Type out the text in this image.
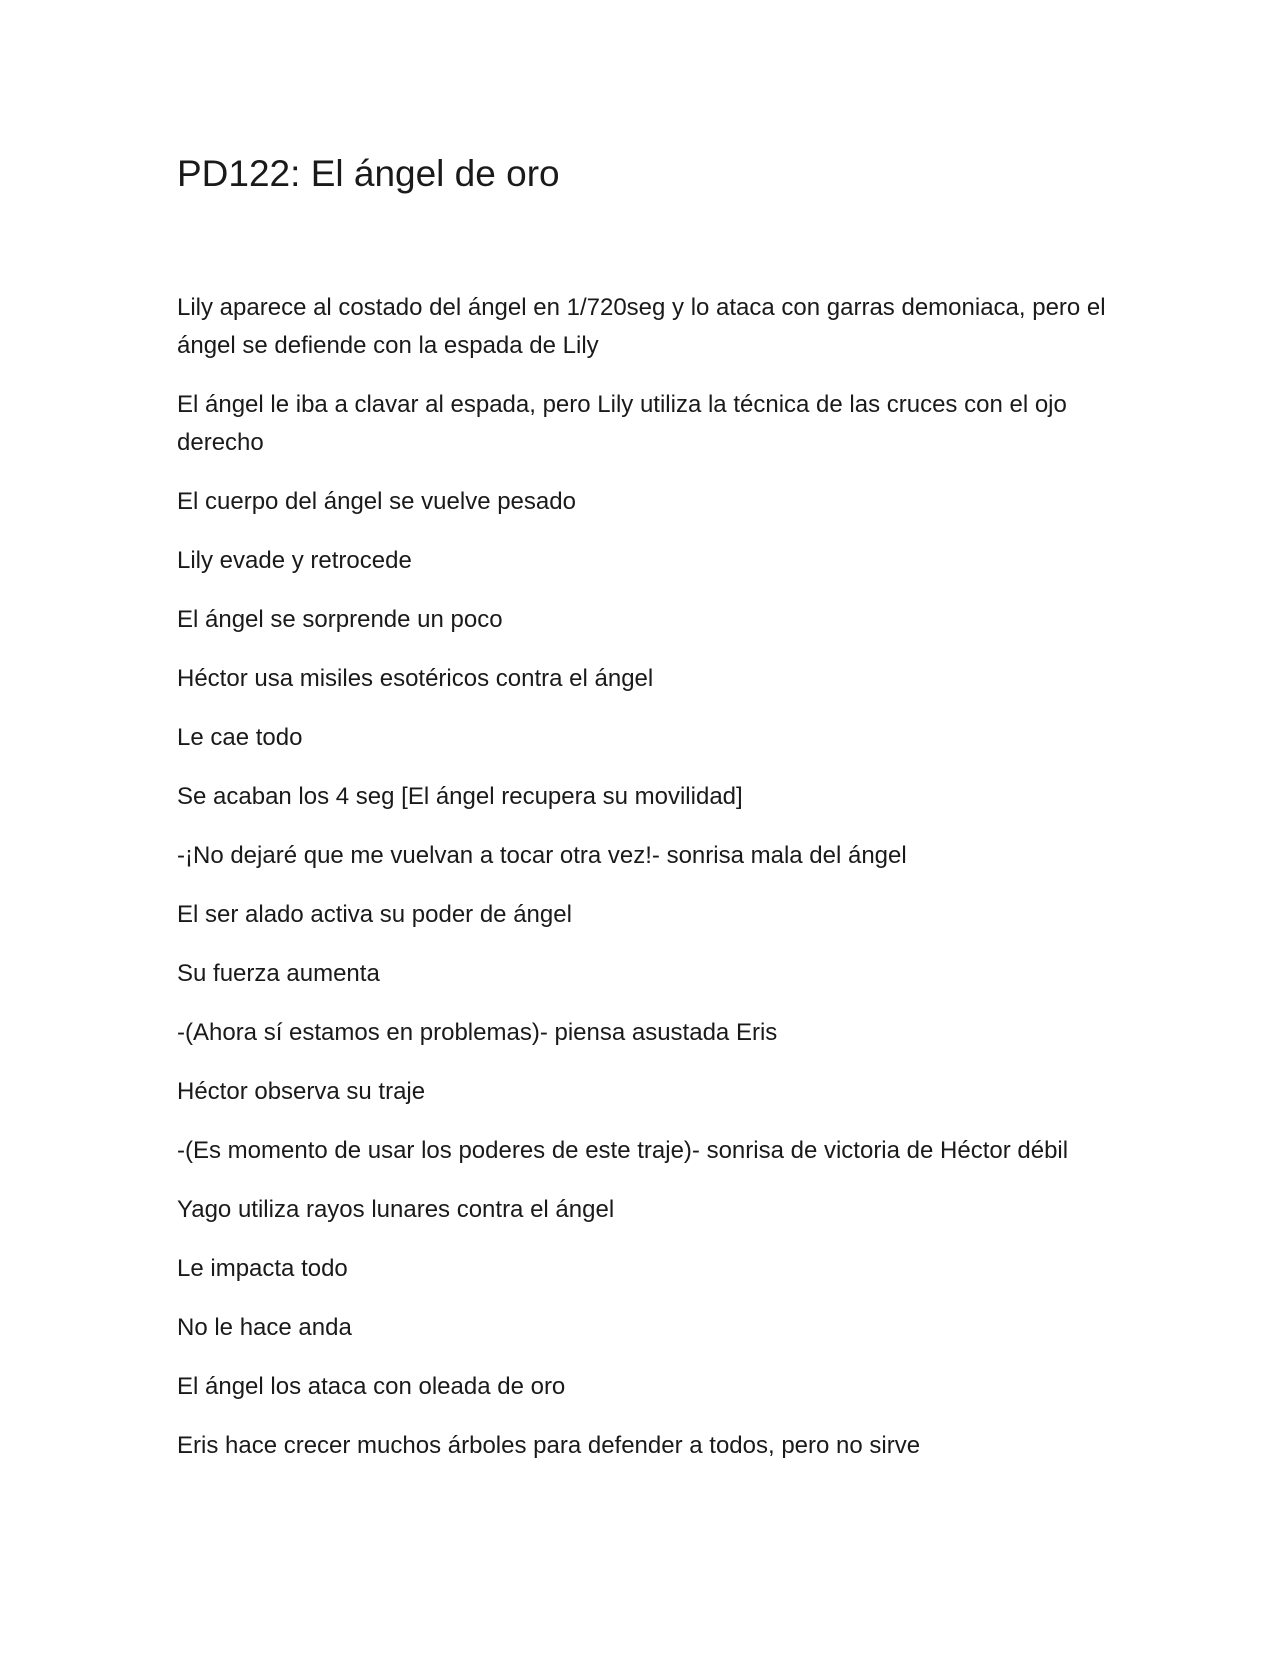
PD122: El ángel de oro

Lily aparece al costado del ángel en 1/720seg y lo ataca con garras demoniaca, pero el ángel se defiende con la espada de Lily

El ángel le iba a clavar al espada, pero Lily utiliza la técnica de las cruces con el ojo derecho

El cuerpo del ángel se vuelve pesado

Lily evade y retrocede

El ángel se sorprende un poco

Héctor usa misiles esotéricos contra el ángel

Le cae todo

Se acaban los 4 seg [El ángel recupera su movilidad]

-¡No dejaré que me vuelvan a tocar otra vez!- sonrisa mala del ángel

El ser alado activa su poder de ángel

Su fuerza aumenta

-(Ahora sí estamos en problemas)- piensa asustada Eris

Héctor observa su traje

-(Es momento de usar los poderes de este traje)- sonrisa de victoria de Héctor débil

Yago utiliza rayos lunares contra el ángel

Le impacta todo

No le hace anda

El ángel los ataca con oleada de oro

Eris hace crecer muchos árboles para defender a todos, pero no sirve
